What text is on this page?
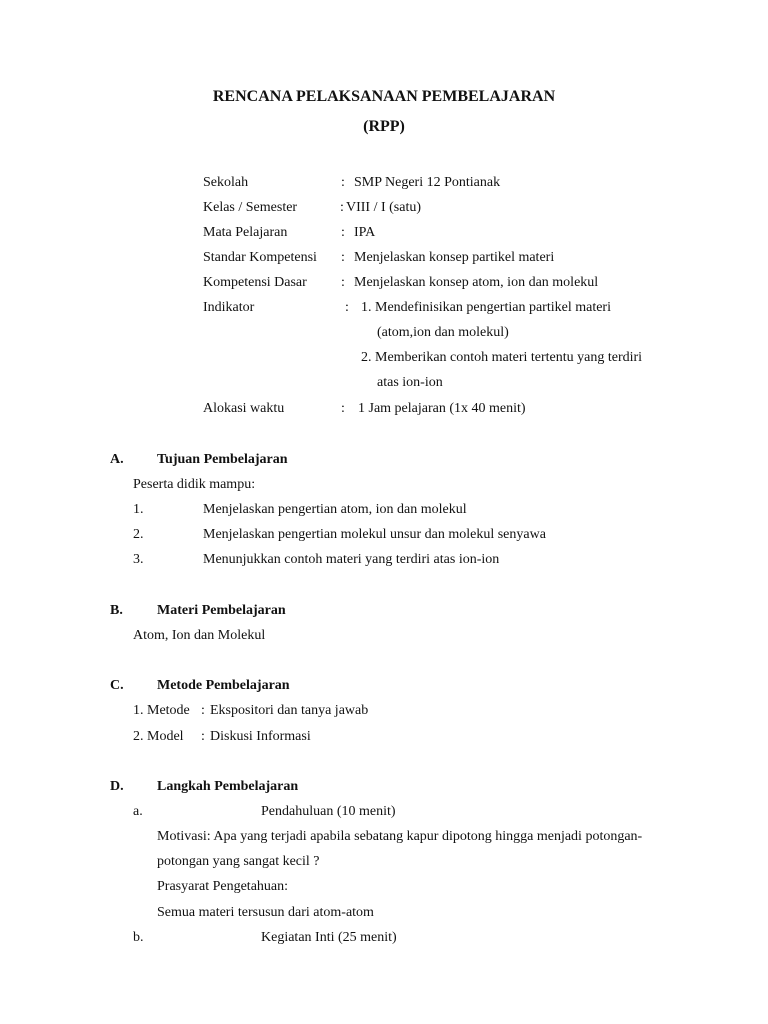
RENCANA PELAKSANAAN PEMBELAJARAN
(RPP)
Sekolah	: SMP Negeri 12 Pontianak
Kelas / Semester	: VIII / I (satu)
Mata Pelajaran	: IPA
Standar Kompetensi : Menjelaskan konsep partikel materi
Kompetensi Dasar : Menjelaskan konsep atom, ion dan molekul
Indikator	: 1. Mendefinisikan pengertian partikel materi
(atom,ion dan molekul)
2. Memberikan contoh materi tertentu yang terdiri
atas ion-ion
Alokasi waktu	: 1 Jam pelajaran (1x 40 menit)
A. Tujuan Pembelajaran
Peserta didik mampu:
1.	Menjelaskan pengertian atom, ion dan molekul
2.	Menjelaskan pengertian molekul unsur dan molekul senyawa
3.	Menunjukkan contoh materi yang terdiri atas ion-ion
B. Materi Pembelajaran
Atom, Ion dan Molekul
C. Metode Pembelajaran
1. Metode : Ekspositori dan tanya jawab
2. Model : Diskusi Informasi
D. Langkah Pembelajaran
a.	Pendahuluan (10 menit)
Motivasi: Apa yang terjadi apabila sebatang kapur dipotong hingga menjadi potongan-
potongan yang sangat kecil ?
Prasyarat Pengetahuan:
Semua materi tersusun dari atom-atom
b.	Kegiatan Inti (25 menit)
